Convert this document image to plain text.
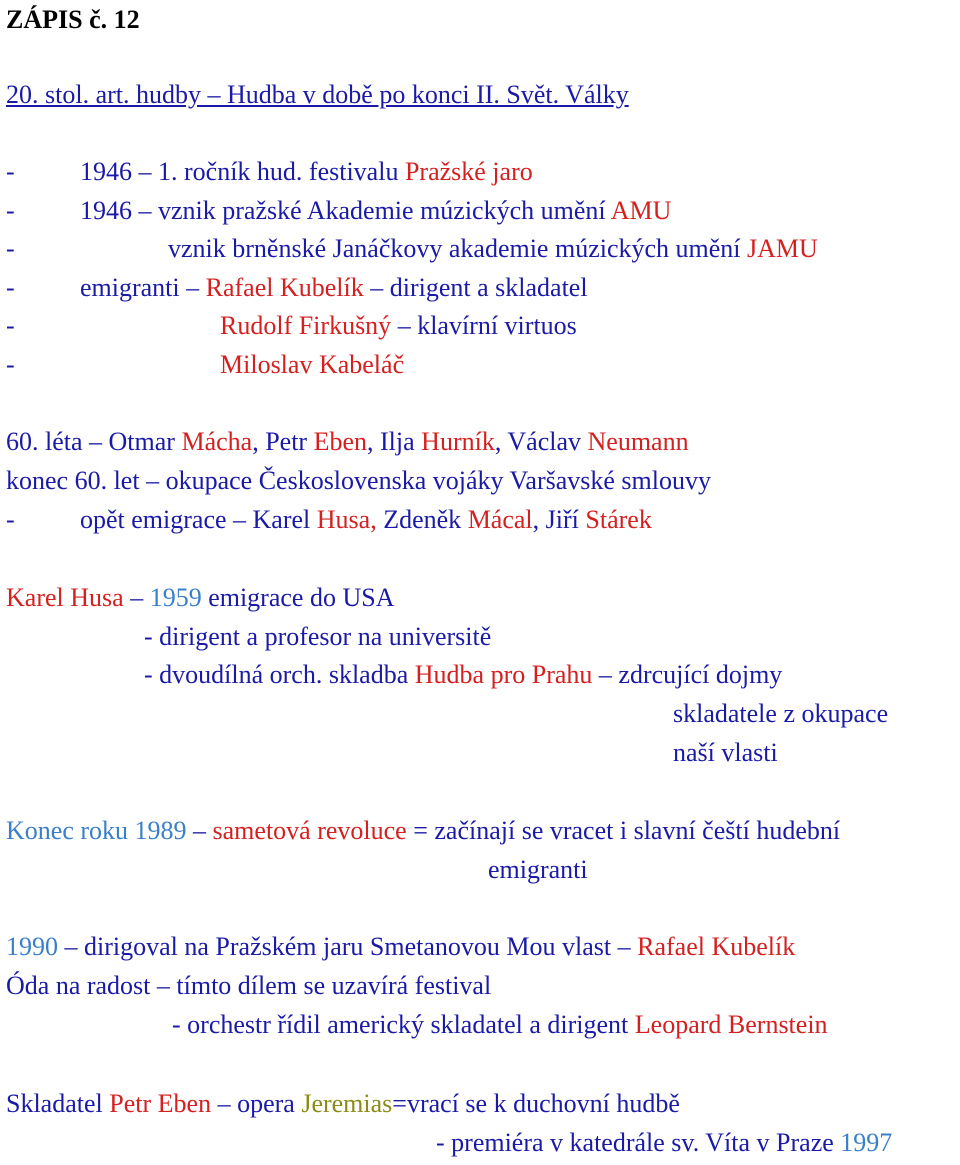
ZÁPIS č. 12
20. stol. art. hudby – Hudba v době po konci II. Svět. Války
-	1946 – 1. ročník hud. festivalu Pražské jaro
-	1946 – vznik pražské Akademie múzických umění AMU
-	vznik brněnské Janáčkovy akademie múzických umění JAMU
-	emigranti – Rafael Kubelík – dirigent a skladatel
-	Rudolf Firkušný – klavírní virtuos
-	Miloslav Kabeláč
60. léta – Otmar Mácha, Petr Eben, Ilja Hurník, Václav Neumann
konec 60. let – okupace Československa vojáky Varšavské smlouvy
-	opět emigrace – Karel Husa, Zdeněk Mácal, Jiří Stárek
Karel Husa – 1959 emigrace do USA
- dirigent a profesor na universitě
- dvoudílná orch. skladba Hudba pro Prahu – zdrcující dojmy
skladatele z okupace
naší vlasti
Konec roku 1989 – sametová revoluce = začínají se vracet i slavní čeští hudební
emigranti
1990 – dirigoval na Pražském jaru Smetanovou Mou vlast – Rafael Kubelík
Óda na radost – tímto dílem se uzavírá festival
- orchestr řídil americký skladatel a dirigent Leopard Bernstein
Skladatel Petr Eben – opera Jeremias=vrací se k duchovní hudbě
- premiéra v katedrále sv. Víta v Praze 1997
